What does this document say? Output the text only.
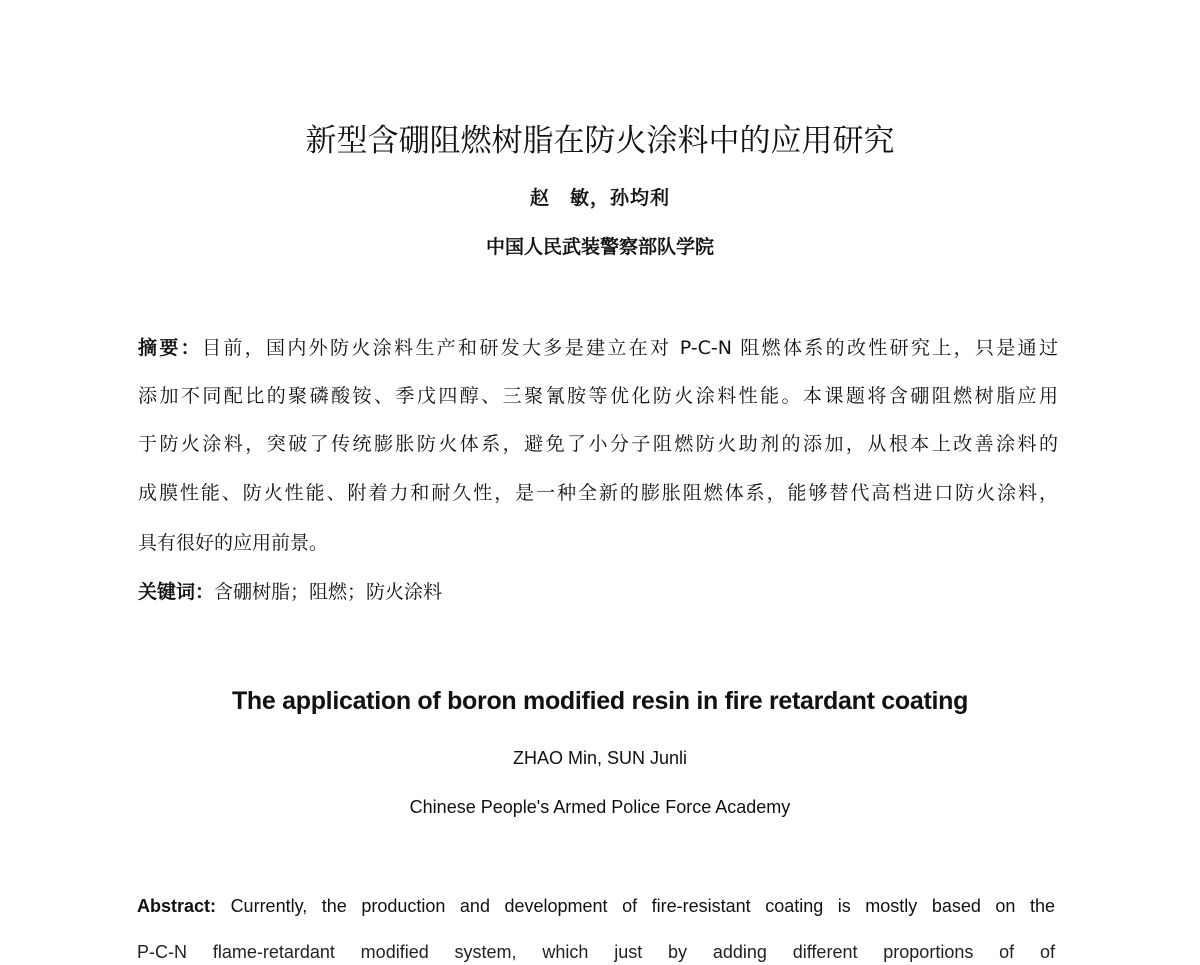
新型含硼阻燃树脂在防火涂料中的应用研究
赵　敏，孙均利
中国人民武装警察部队学院
摘要：目前，国内外防火涂料生产和研发大多是建立在对 P-C-N 阻燃体系的改性研究上，只是通过
添加不同配比的聚磷酸铵、季戊四醇、三聚氰胺等优化防火涂料性能。本课题将含硼阻燃树脂应用
于防火涂料，突破了传统膨胀防火体系，避免了小分子阻燃防火助剂的添加，从根本上改善涂料的
成膜性能、防火性能、附着力和耐久性，是一种全新的膨胀阻燃体系，能够替代高档进口防火涂料，
具有很好的应用前景。
关键词：含硼树脂；阻燃；防火涂料
The application of boron modified resin in fire retardant coating
ZHAO Min, SUN Junli
Chinese People's Armed Police Force Academy
Abstract: Currently, the production and development of fire-resistant coating is mostly based on the
P-C-N flame-retardant modified system, which just by adding different proportions of of
